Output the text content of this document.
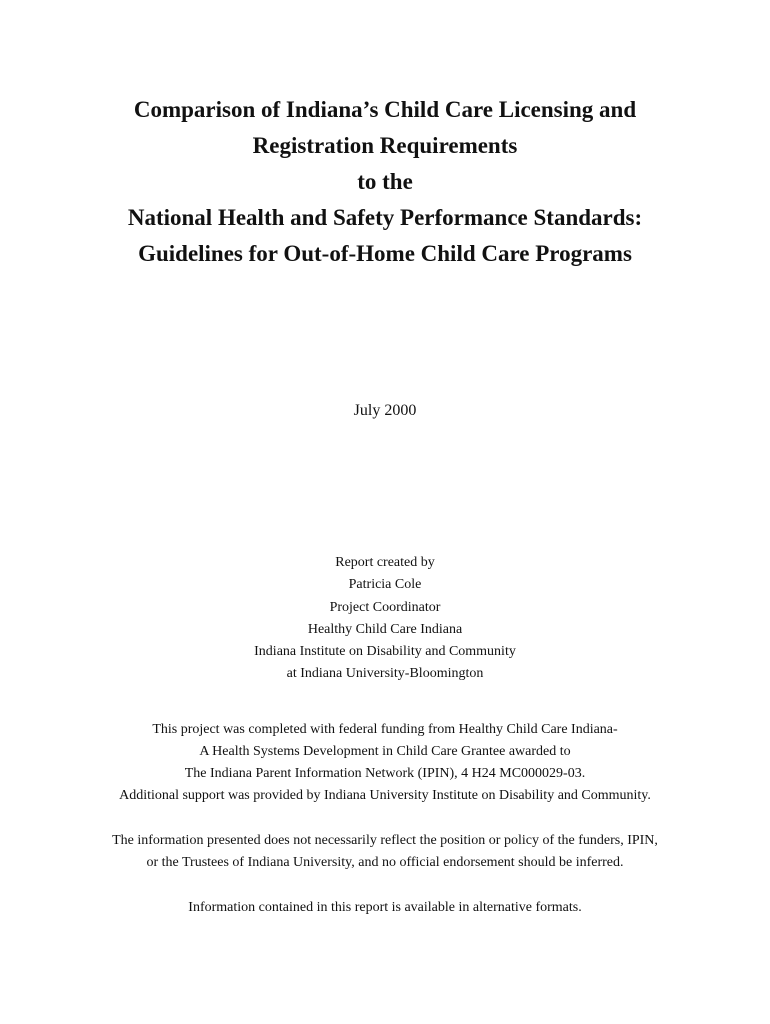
Comparison of Indiana’s Child Care Licensing and

Registration Requirements

to the

National Health and Safety Performance Standards:

Guidelines for Out-of-Home Child Care Programs

July 2000
Report created by
Patricia Cole
Project Coordinator
Healthy Child Care Indiana
Indiana Institute on Disability and Community
at Indiana University-Bloomington
This project was completed with federal funding from Healthy Child Care Indiana-
A Health Systems Development in Child Care Grantee awarded to
The Indiana Parent Information Network (IPIN), 4 H24 MC000029-03.
Additional support was provided by Indiana University Institute on Disability and Community.
The information presented does not necessarily reflect the position or policy of the funders, IPIN,
or the Trustees of Indiana University, and no official endorsement should be inferred.
Information contained in this report is available in alternative formats.
